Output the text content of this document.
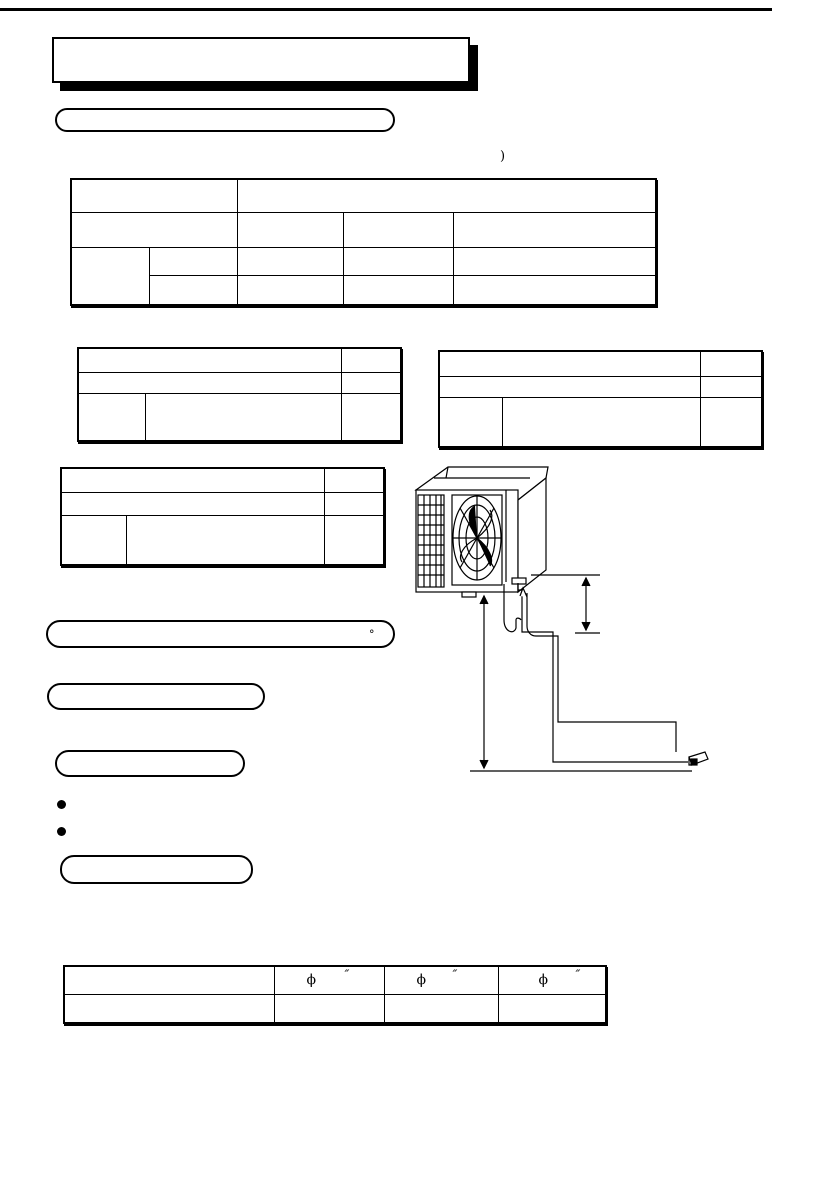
)

°

	ϕ ″	ϕ ″	ϕ ″
